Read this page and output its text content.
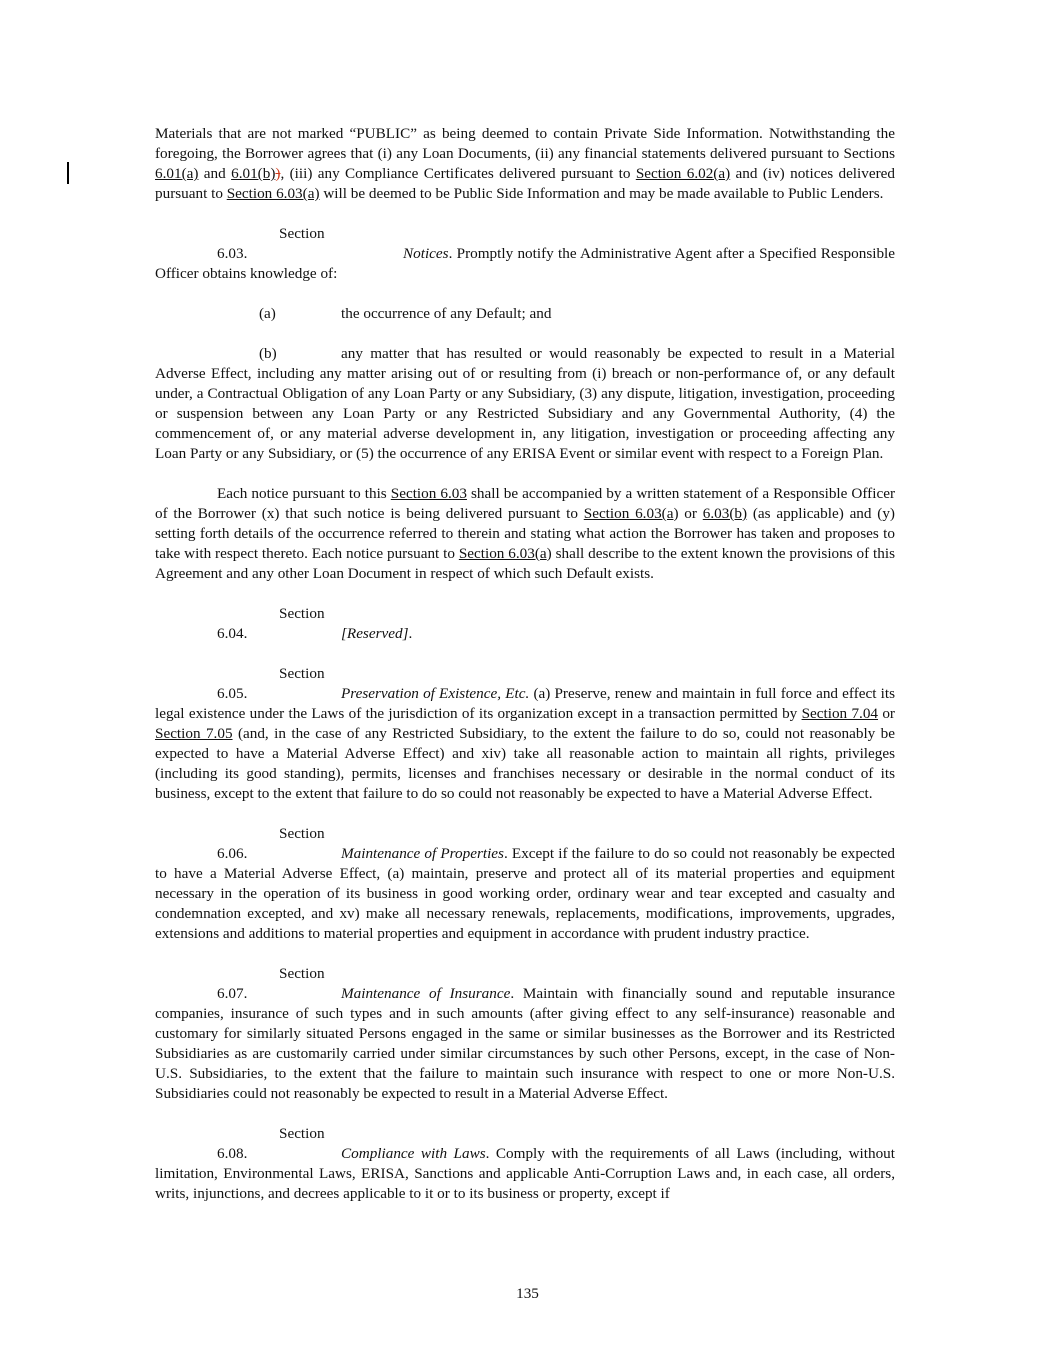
Materials that are not marked “PUBLIC” as being deemed to contain Private Side Information. Notwithstanding the foregoing, the Borrower agrees that (i) any Loan Documents, (ii) any financial statements delivered pursuant to Sections 6.01(a) and 6.01(b)), (iii) any Compliance Certificates delivered pursuant to Section 6.02(a) and (iv) notices delivered pursuant to Section 6.03(a) will be deemed to be Public Side Information and may be made available to Public Lenders.

Section 6.03.	Notices. Promptly notify the Administrative Agent after a Specified Responsible Officer obtains knowledge of:

(a)	the occurrence of any Default; and

(b)	any matter that has resulted or would reasonably be expected to result in a Material Adverse Effect, including any matter arising out of or resulting from (i) breach or non-performance of, or any default under, a Contractual Obligation of any Loan Party or any Subsidiary, (3) any dispute, litigation, investigation, proceeding or suspension between any Loan Party or any Restricted Subsidiary and any Governmental Authority, (4) the commencement of, or any material adverse development in, any litigation, investigation or proceeding affecting any Loan Party or any Subsidiary, or (5) the occurrence of any ERISA Event or similar event with respect to a Foreign Plan.

Each notice pursuant to this Section 6.03 shall be accompanied by a written statement of a Responsible Officer of the Borrower (x) that such notice is being delivered pursuant to Section 6.03(a) or 6.03(b) (as applicable) and (y) setting forth details of the occurrence referred to therein and stating what action the Borrower has taken and proposes to take with respect thereto. Each notice pursuant to Section 6.03(a) shall describe to the extent known the provisions of this Agreement and any other Loan Document in respect of which such Default exists.

Section 6.04.	[Reserved].

Section 6.05.	Preservation of Existence, Etc. (a) Preserve, renew and maintain in full force and effect its legal existence under the Laws of the jurisdiction of its organization except in a transaction permitted by Section 7.04 or Section 7.05 (and, in the case of any Restricted Subsidiary, to the extent the failure to do so, could not reasonably be expected to have a Material Adverse Effect) and xiv) take all reasonable action to maintain all rights, privileges (including its good standing), permits, licenses and franchises necessary or desirable in the normal conduct of its business, except to the extent that failure to do so could not reasonably be expected to have a Material Adverse Effect.

Section 6.06.	Maintenance of Properties. Except if the failure to do so could not reasonably be expected to have a Material Adverse Effect, (a) maintain, preserve and protect all of its material properties and equipment necessary in the operation of its business in good working order, ordinary wear and tear excepted and casualty and condemnation excepted, and xv) make all necessary renewals, replacements, modifications, improvements, upgrades, extensions and additions to material properties and equipment in accordance with prudent industry practice.

Section 6.07.	Maintenance of Insurance. Maintain with financially sound and reputable insurance companies, insurance of such types and in such amounts (after giving effect to any self-insurance) reasonable and customary for similarly situated Persons engaged in the same or similar businesses as the Borrower and its Restricted Subsidiaries as are customarily carried under similar circumstances by such other Persons, except, in the case of Non-U.S. Subsidiaries, to the extent that the failure to maintain such insurance with respect to one or more Non-U.S. Subsidiaries could not reasonably be expected to result in a Material Adverse Effect.

Section 6.08.	Compliance with Laws. Comply with the requirements of all Laws (including, without limitation, Environmental Laws, ERISA, Sanctions and applicable Anti-Corruption Laws and, in each case, all orders, writs, injunctions, and decrees applicable to it or to its business or property, except if

135
